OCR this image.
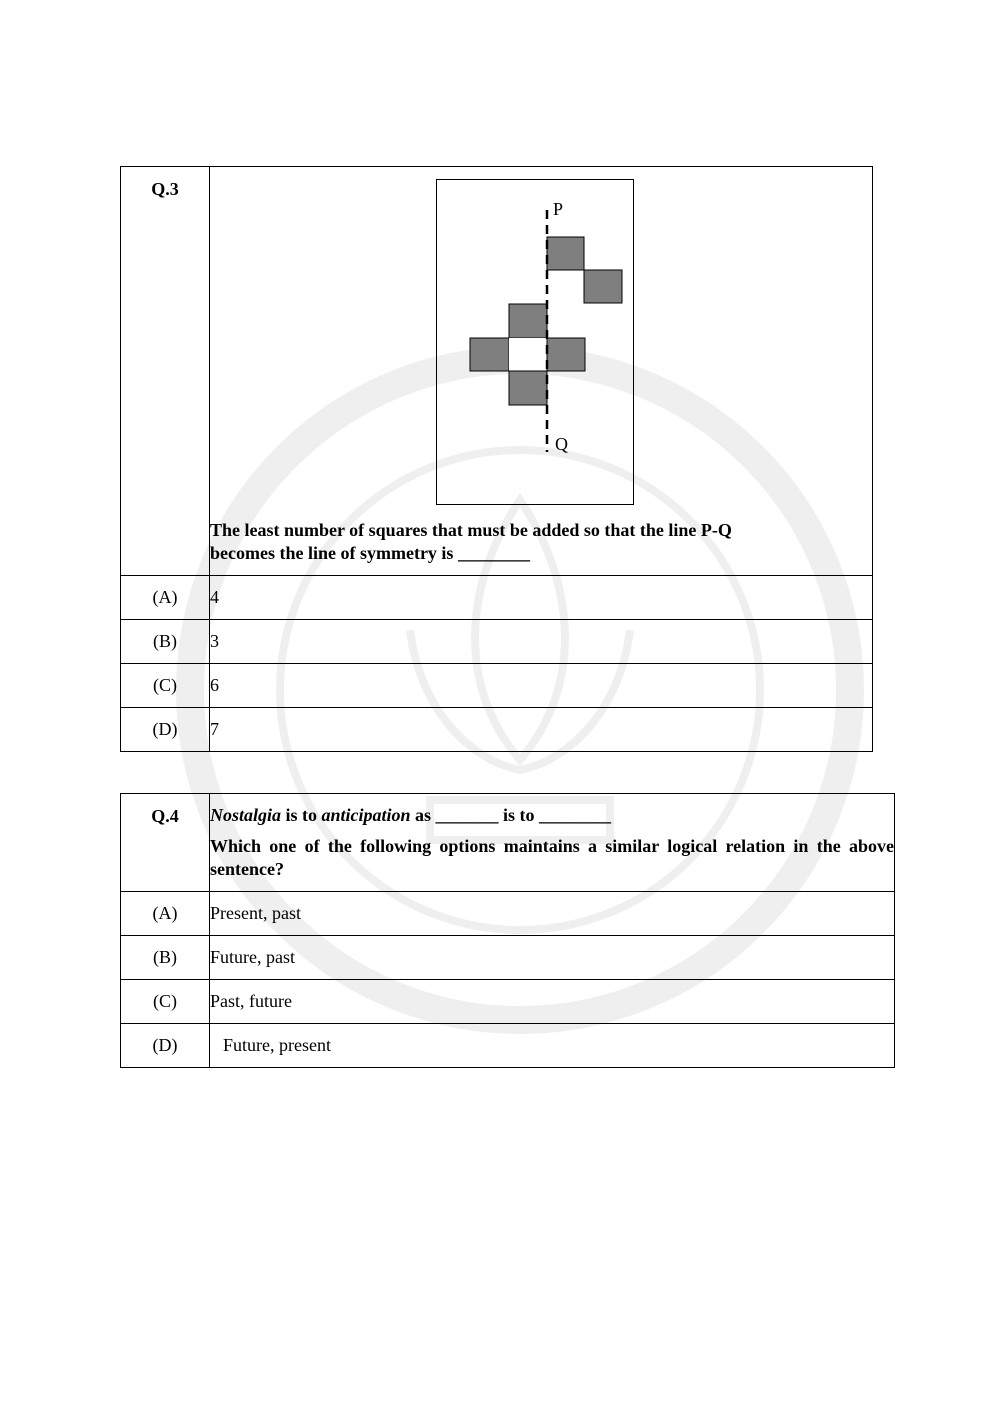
Q.3	P
Q
The least number of squares that must be added so that the line P-Q
becomes the line of symmetry is ________

(A)	4
(B)	3
(C)	6
(D)	7
Q.4	Nostalgia is to anticipation as _______ is to ________
Which one of the following options maintains a similar logical relation in the above sentence?

(A)	Present, past
(B)	Future, past
(C)	Past, future
(D)	Future, present
